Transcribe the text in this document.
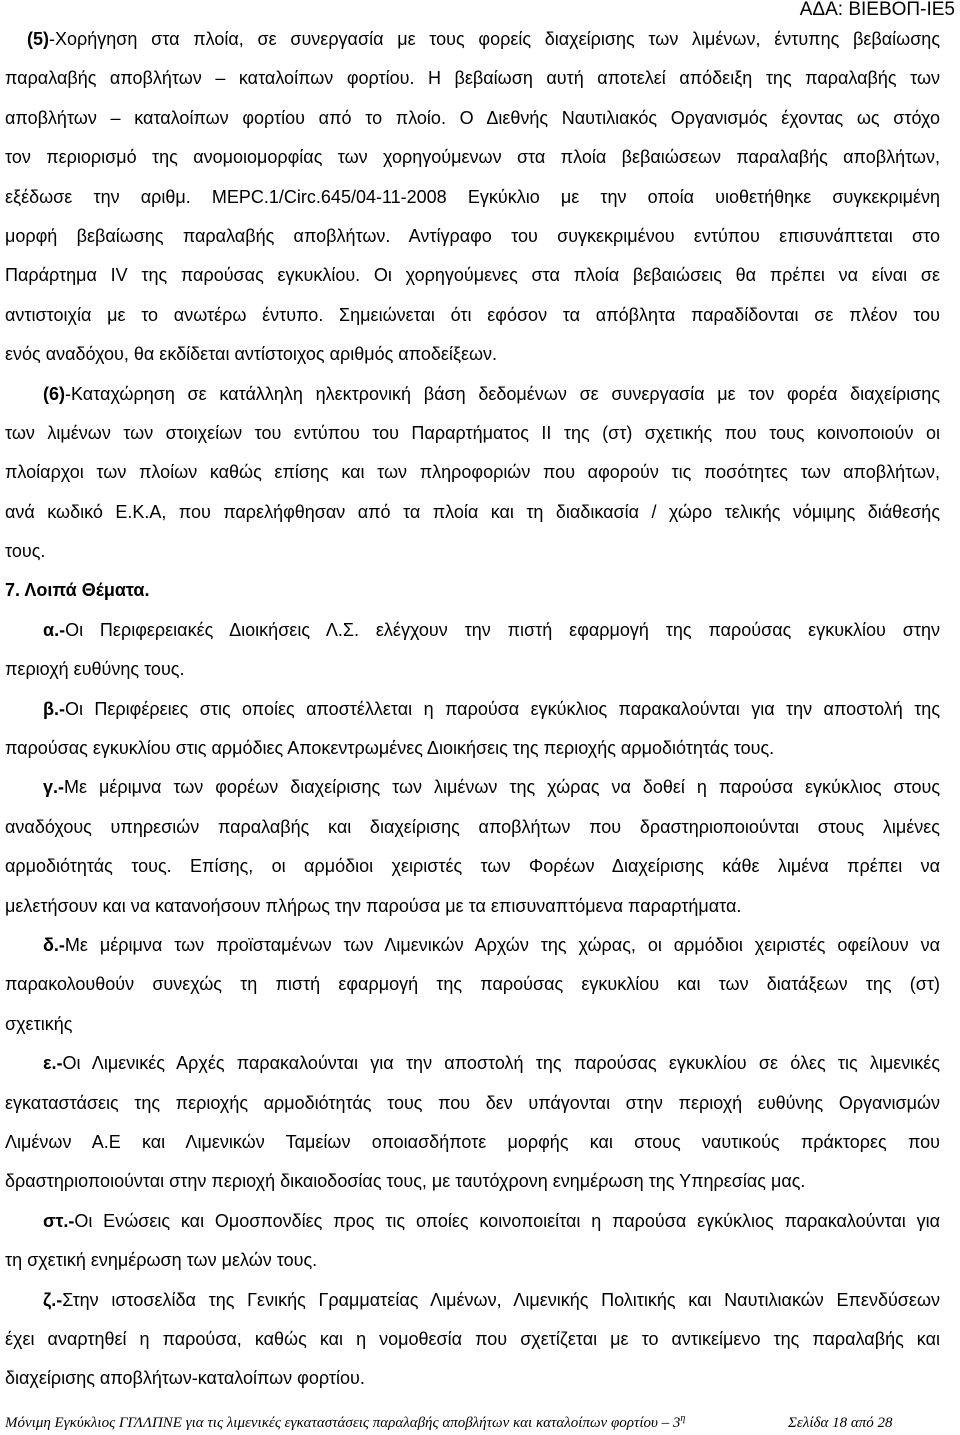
ΑΔΑ: ΒΙΕΒΟΠ-ΙΕ5
(5)-Χορήγηση στα πλοία, σε συνεργασία με τους φορείς διαχείρισης των λιμένων, έντυπης βεβαίωσης
παραλαβής αποβλήτων – καταλοίπων φορτίου. Η βεβαίωση αυτή αποτελεί απόδειξη της παραλαβής των
αποβλήτων – καταλοίπων φορτίου από το πλοίο. Ο Διεθνής Ναυτιλιακός Οργανισμός έχοντας ως στόχο
τον περιορισμό της ανομοιομορφίας των χορηγούμενων στα πλοία βεβαιώσεων παραλαβής αποβλήτων,
εξέδωσε την αριθμ. MEPC.1/Circ.645/04-11-2008 Εγκύκλιο με την οποία υιοθετήθηκε συγκεκριμένη
μορφή βεβαίωσης παραλαβής αποβλήτων. Αντίγραφο του συγκεκριμένου εντύπου επισυνάπτεται στο
Παράρτημα IV της παρούσας εγκυκλίου. Οι χορηγούμενες στα πλοία βεβαιώσεις θα πρέπει να είναι σε
αντιστοιχία με το ανωτέρω έντυπο. Σημειώνεται ότι εφόσον τα απόβλητα παραδίδονται σε πλέον του
ενός αναδόχου, θα εκδίδεται αντίστοιχος αριθμός αποδείξεων.
(6)-Καταχώρηση σε κατάλληλη ηλεκτρονική βάση δεδομένων σε συνεργασία με τον φορέα διαχείρισης
των λιμένων των στοιχείων του εντύπου του Παραρτήματος ΙΙ της (στ) σχετικής που τους κοινοποιούν οι
πλοίαρχοι των πλοίων καθώς επίσης και των πληροφοριών που αφορούν τις ποσότητες των αποβλήτων,
ανά κωδικό Ε.Κ.Α, που παρελήφθησαν από τα πλοία και τη διαδικασία / χώρο τελικής νόμιμης διάθεσής
τους.
7. Λοιπά Θέματα.
α.-Οι Περιφερειακές Διοικήσεις Λ.Σ. ελέγχουν την πιστή εφαρμογή της παρούσας εγκυκλίου στην
περιοχή ευθύνης τους.
β.-Οι Περιφέρειες στις οποίες αποστέλλεται η παρούσα εγκύκλιος παρακαλούνται για την αποστολή της
παρούσας εγκυκλίου στις αρμόδιες Αποκεντρωμένες Διοικήσεις της περιοχής αρμοδιότητάς τους.
γ.-Με μέριμνα των φορέων διαχείρισης των λιμένων της χώρας να δοθεί η παρούσα εγκύκλιος στους
αναδόχους υπηρεσιών παραλαβής και διαχείρισης αποβλήτων που δραστηριοποιούνται στους λιμένες
αρμοδιότητάς τους. Επίσης, οι αρμόδιοι χειριστές των Φορέων Διαχείρισης κάθε λιμένα πρέπει να
μελετήσουν και να κατανοήσουν πλήρως την παρούσα με τα επισυναπτόμενα παραρτήματα.
δ.-Με μέριμνα των προϊσταμένων των Λιμενικών Αρχών της χώρας, οι αρμόδιοι χειριστές οφείλουν να
παρακολουθούν συνεχώς τη πιστή εφαρμογή της παρούσας εγκυκλίου και των διατάξεων της (στ)
σχετικής
ε.-Οι Λιμενικές Αρχές παρακαλούνται για την αποστολή της παρούσας εγκυκλίου σε όλες τις λιμενικές
εγκαταστάσεις της περιοχής αρμοδιότητάς τους που δεν υπάγονται στην περιοχή ευθύνης Οργανισμών
Λιμένων Α.Ε και Λιμενικών Ταμείων οποιασδήποτε μορφής και στους ναυτικούς πράκτορες που
δραστηριοποιούνται στην περιοχή δικαιοδοσίας τους, με ταυτόχρονη ενημέρωση της Υπηρεσίας μας.
στ.-Οι Ενώσεις και Ομοσπονδίες προς τις οποίες κοινοποιείται η παρούσα εγκύκλιος παρακαλούνται για
τη σχετική ενημέρωση των μελών τους.
ζ.-Στην ιστοσελίδα της Γενικής Γραμματείας Λιμένων, Λιμενικής Πολιτικής και Ναυτιλιακών Επενδύσεων
έχει αναρτηθεί η παρούσα, καθώς και η νομοθεσία που σχετίζεται με το αντικείμενο της παραλαβής και
διαχείρισης αποβλήτων-καταλοίπων φορτίου.
Μόνιμη Εγκύκλιος ΓΓΛΛΠΝΕ για τις λιμενικές εγκαταστάσεις παραλαβής αποβλήτων και καταλοίπων φορτίου – $3^\eta$	Σελίδα 18 από 28
